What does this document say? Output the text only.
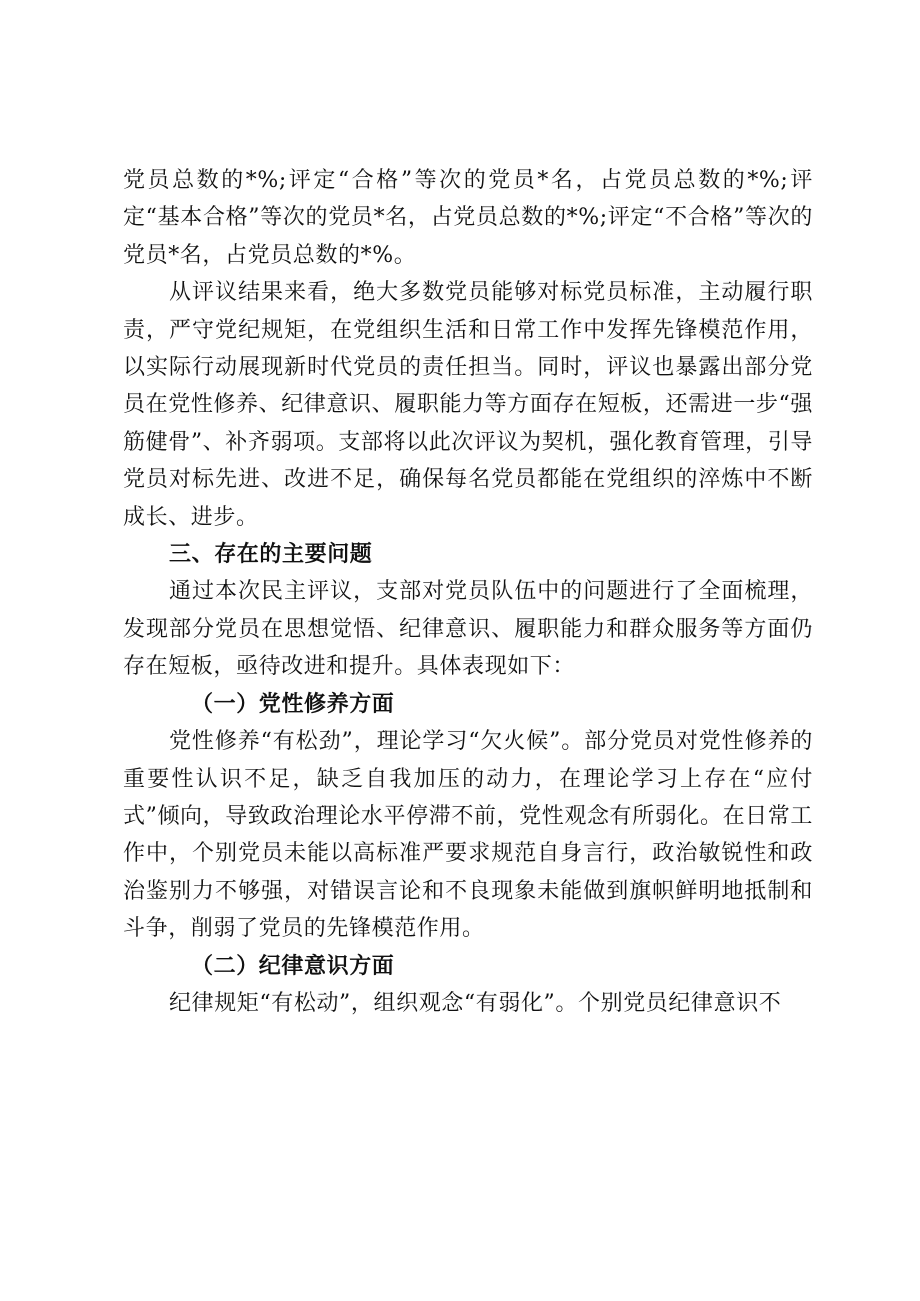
党员总数的*%;评定“合格”等次的党员*名，占党员总数的*%;评定“基本合格”等次的党员*名，占党员总数的*%;评定“不合格”等次的党员*名，占党员总数的*%。

从评议结果来看，绝大多数党员能够对标党员标准，主动履行职责，严守党纪规矩，在党组织生活和日常工作中发挥先锋模范作用，以实际行动展现新时代党员的责任担当。同时，评议也暴露出部分党员在党性修养、纪律意识、履职能力等方面存在短板，还需进一步“强筋健骨”、补齐弱项。支部将以此次评议为契机，强化教育管理，引导党员对标先进、改进不足，确保每名党员都能在党组织的淬炼中不断成长、进步。

三、存在的主要问题

通过本次民主评议，支部对党员队伍中的问题进行了全面梳理，发现部分党员在思想觉悟、纪律意识、履职能力和群众服务等方面仍存在短板，亟待改进和提升。具体表现如下：

（一）党性修养方面

党性修养“有松劲”，理论学习“欠火候”。部分党员对党性修养的重要性认识不足，缺乏自我加压的动力，在理论学习上存在“应付式”倾向，导致政治理论水平停滞不前，党性观念有所弱化。在日常工作中，个别党员未能以高标准严要求规范自身言行，政治敏锐性和政治鉴别力不够强，对错误言论和不良现象未能做到旗帜鲜明地抵制和斗争，削弱了党员的先锋模范作用。

（二）纪律意识方面

纪律规矩“有松动”，组织观念“有弱化”。个别党员纪律意识不
